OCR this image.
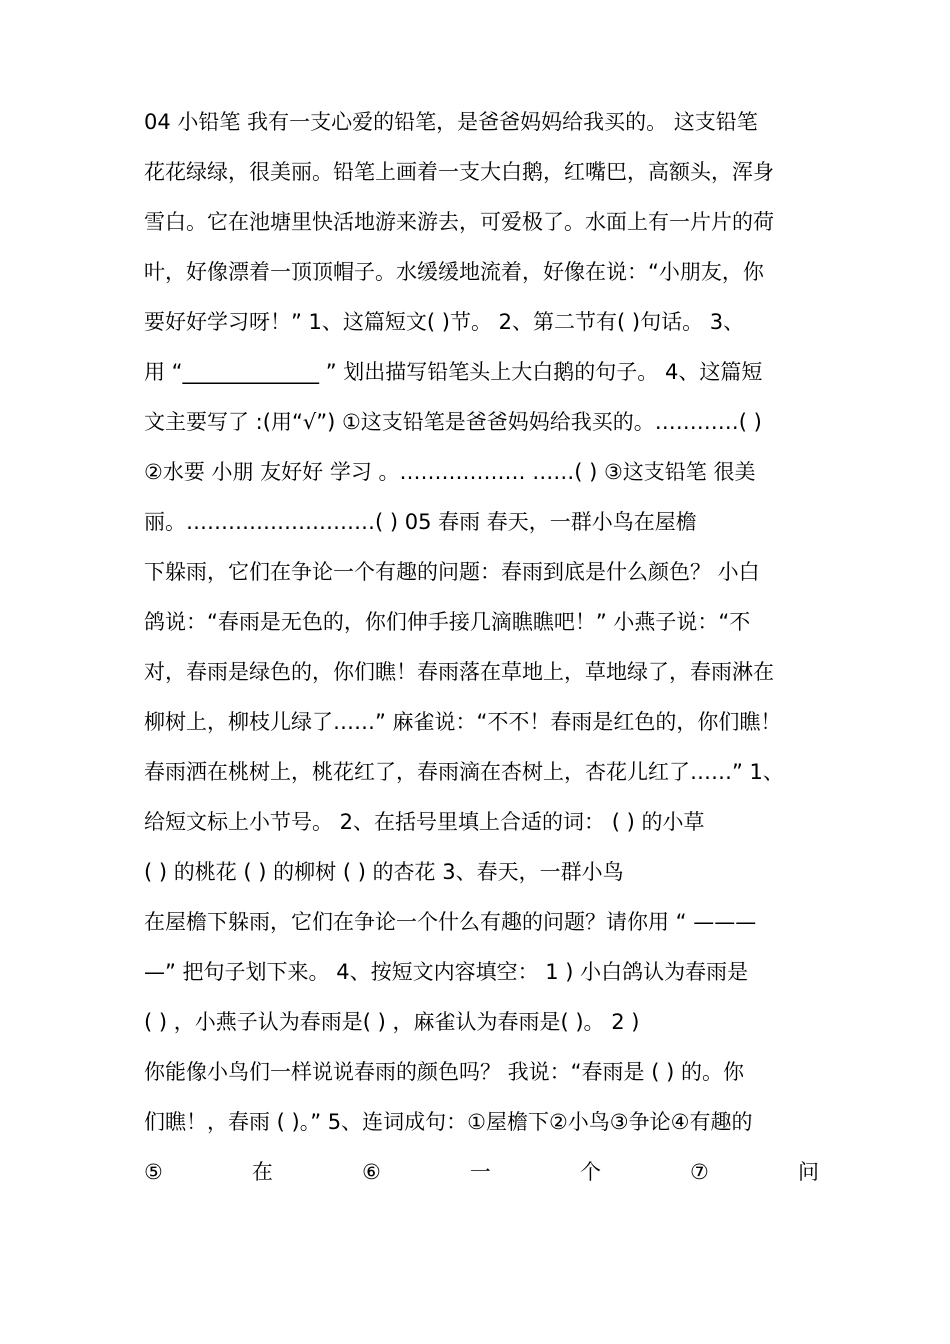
04 小铅笔 我有一支心爱的铅笔，是爸爸妈妈给我买的。 这支铅笔
花花绿绿，很美丽。铅笔上画着一支大白鹅，红嘴巴，高额头，浑身
雪白。它在池塘里快活地游来游去，可爱极了。水面上有一片片的荷
叶，好像漂着一顶顶帽子。水缓缓地流着，好像在说：“小朋友，你
要好好学习呀！” 1、这篇短文( )节。 2、第二节有( )句话。 3、
用 “_____________ ” 划出描写铅笔头上大白鹅的句子。 4、这篇短
文主要写了 :(用“√”) ①这支铅笔是爸爸妈妈给我买的。…………( )
②水要 小朋 友好好 学习 。……………… ……( ) ③这支铅笔 很美
丽。………………………( ) 05 春雨 春天，一群小鸟在屋檐
下躲雨，它们在争论一个有趣的问题：春雨到底是什么颜色？ 小白
鸽说：“春雨是无色的，你们伸手接几滴瞧瞧吧！” 小燕子说：“不
对，春雨是绿色的，你们瞧！春雨落在草地上，草地绿了，春雨淋在
柳树上，柳枝儿绿了……” 麻雀说：“不不！春雨是红色的，你们瞧！
春雨洒在桃树上，桃花红了，春雨滴在杏树上，杏花儿红了……” 1、
给短文标上小节号。 2、在括号里填上合适的词： ( ) 的小草
( ) 的桃花 ( ) 的柳树 ( ) 的杏花 3、春天，一群小鸟
在屋檐下躲雨，它们在争论一个什么有趣的问题？请你用 “ ———
—” 把句子划下来。 4、按短文内容填空： 1 ) 小白鸽认为春雨是
( ) ，小燕子认为春雨是( ) ，麻雀认为春雨是( )。 2 )
你能像小鸟们一样说说春雨的颜色吗？ 我说：“春雨是 ( ) 的。你
们瞧！，春雨 ( )。” 5、连词成句：①屋檐下②小鸟③争论④有趣的
⑤	在	⑥	一	个	⑦	问
